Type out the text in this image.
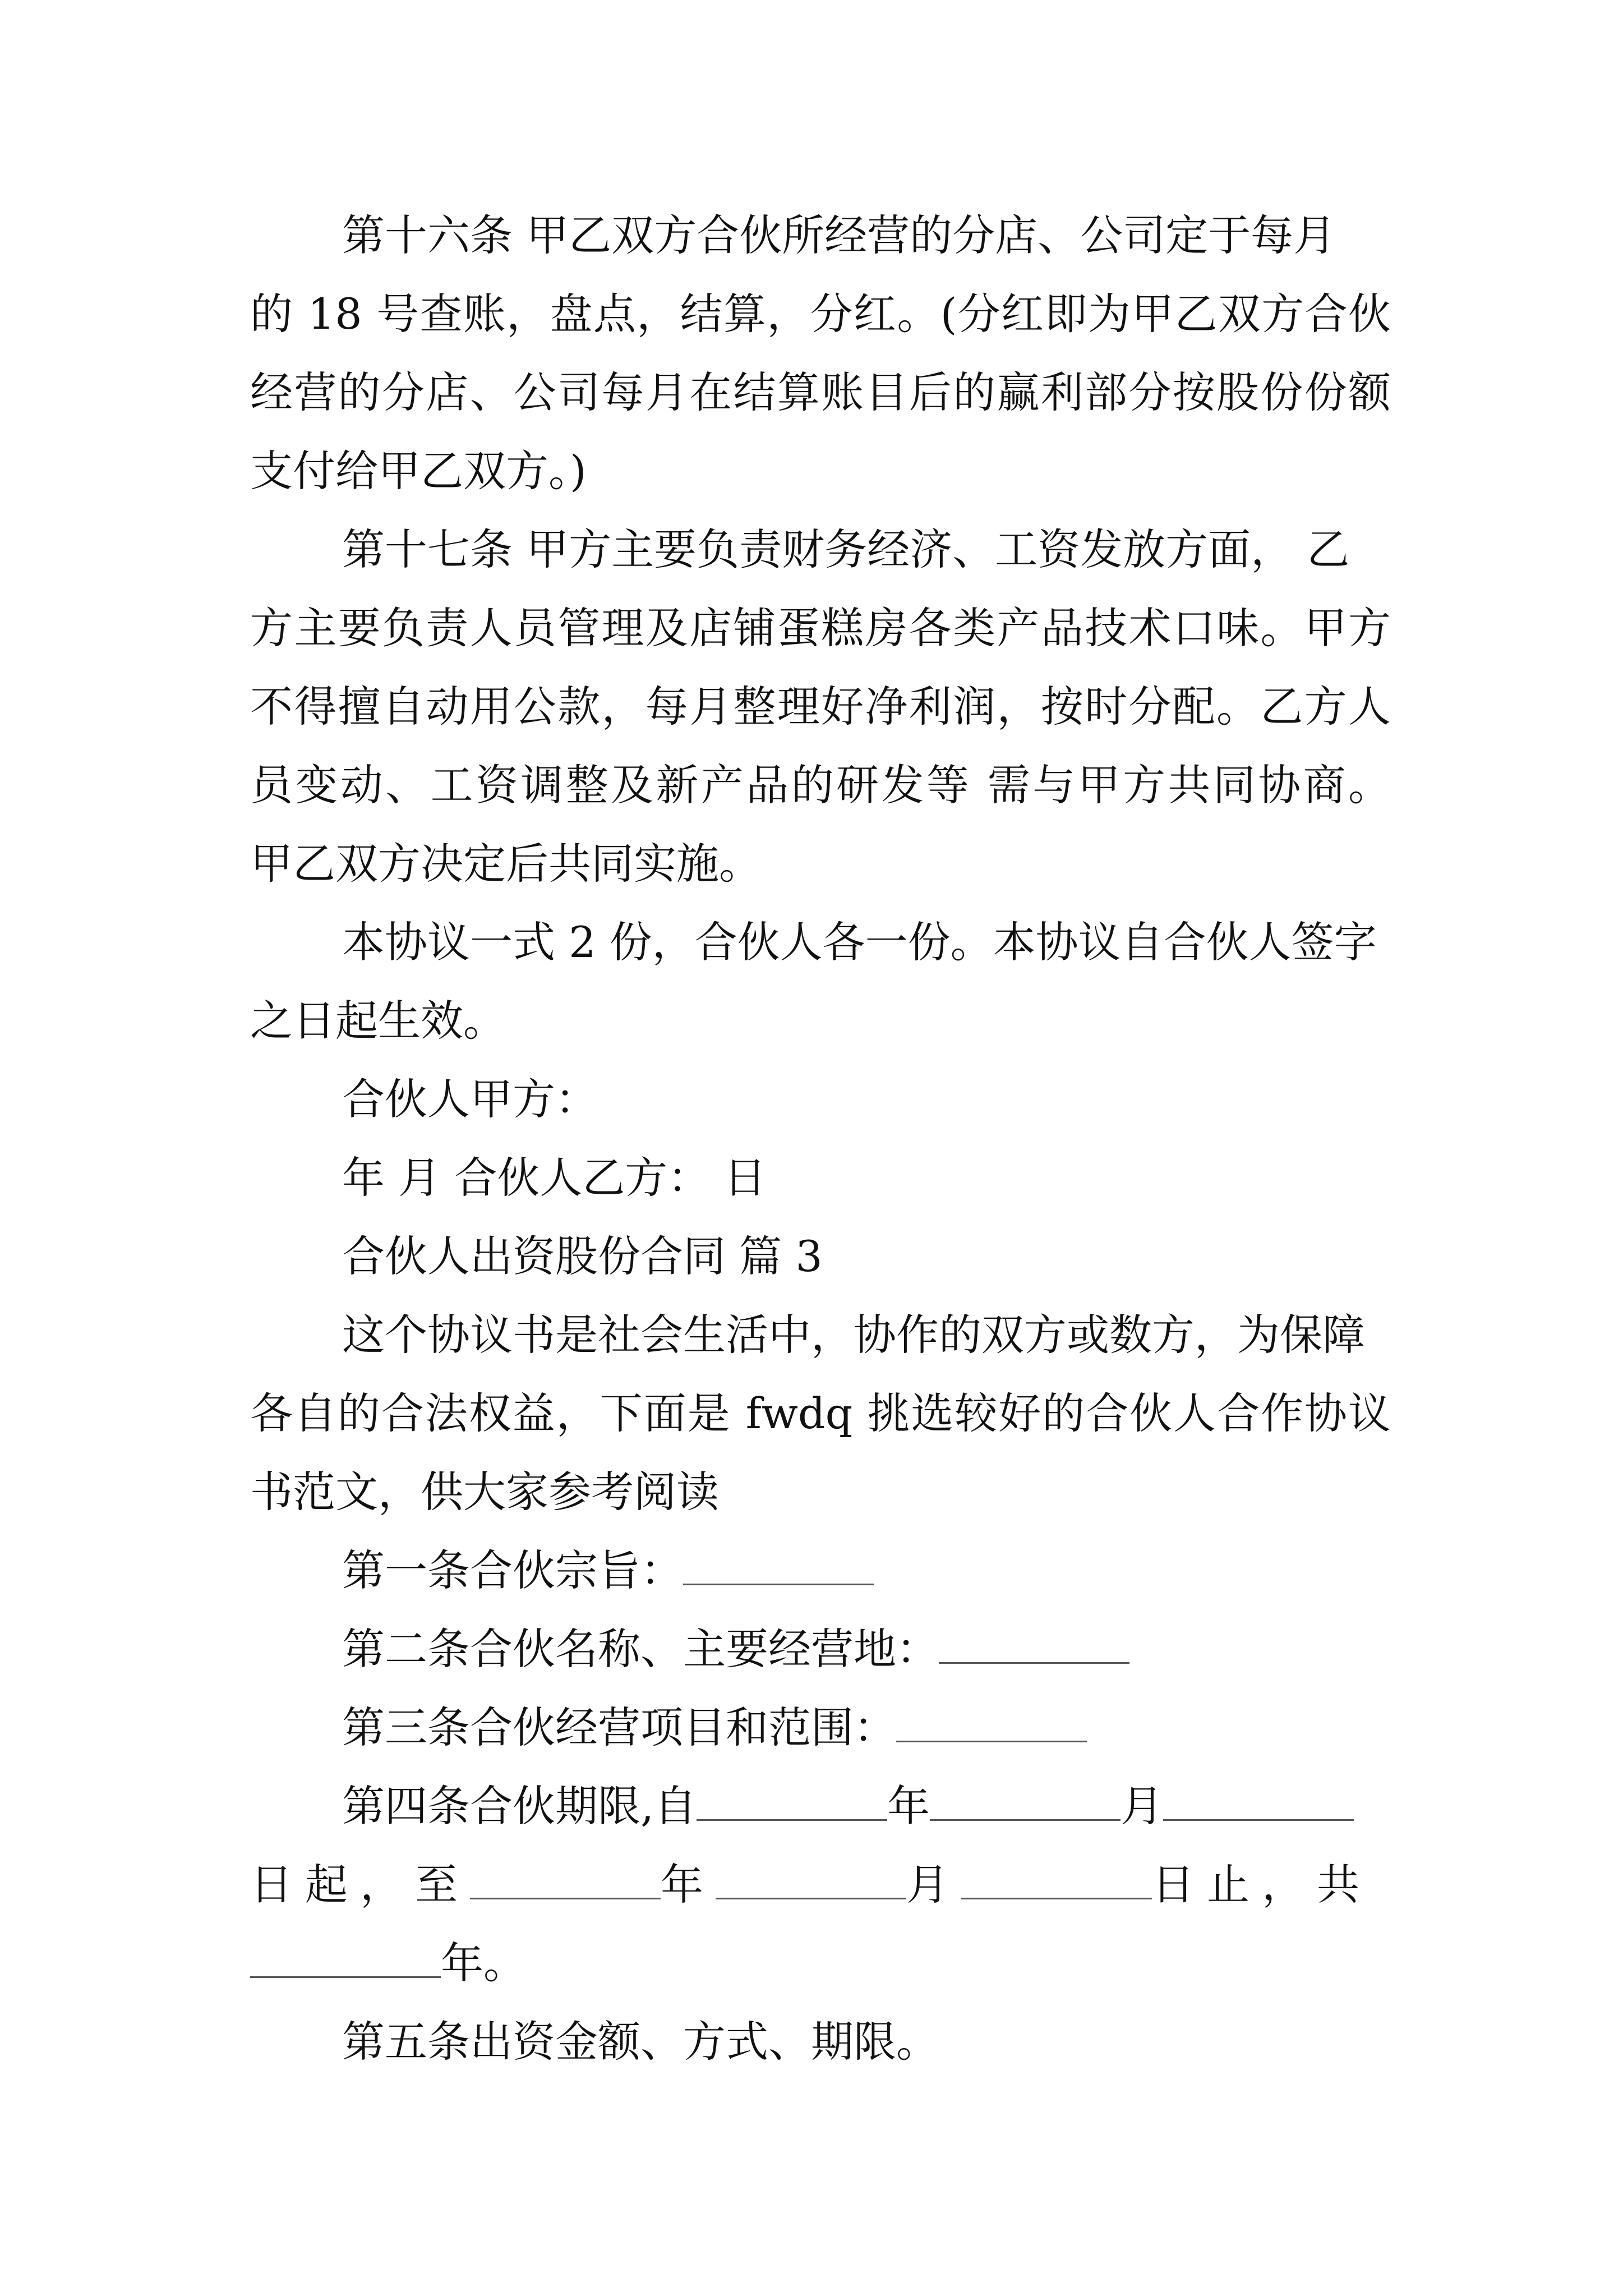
第十六条 甲乙双方合伙所经营的分店、公司定于每月
的 18 号查账，盘点，结算，分红。(分红即为甲乙双方合伙
经营的分店、公司每月在结算账目后的赢利部分按股份份额
支付给甲乙双方。)
第十七条 甲方主要负责财务经济、工资发放方面， 乙
方主要负责人员管理及店铺蛋糕房各类产品技术口味。甲方
不得擅自动用公款，每月整理好净利润，按时分配。乙方人
员变动、工资调整及新产品的研发等 需与甲方共同协商。
甲乙双方决定后共同实施。
本协议一式 2 份，合伙人各一份。本协议自合伙人签字
之日起生效。
合伙人甲方：
年 月 合伙人乙方： 日
合伙人出资股份合同 篇 3
这个协议书是社会生活中，协作的双方或数方，为保障
各自的合法权益，下面是 fwdq 挑选较好的合伙人合作协议
书范文，供大家参考阅读
第一条合伙宗旨：
第二条合伙名称、主要经营地：
第三条合伙经营项目和范围：
第四条合伙期限,自	年	月
日起，至	年	月	日止，共
年。
第五条出资金额、方式、期限。
